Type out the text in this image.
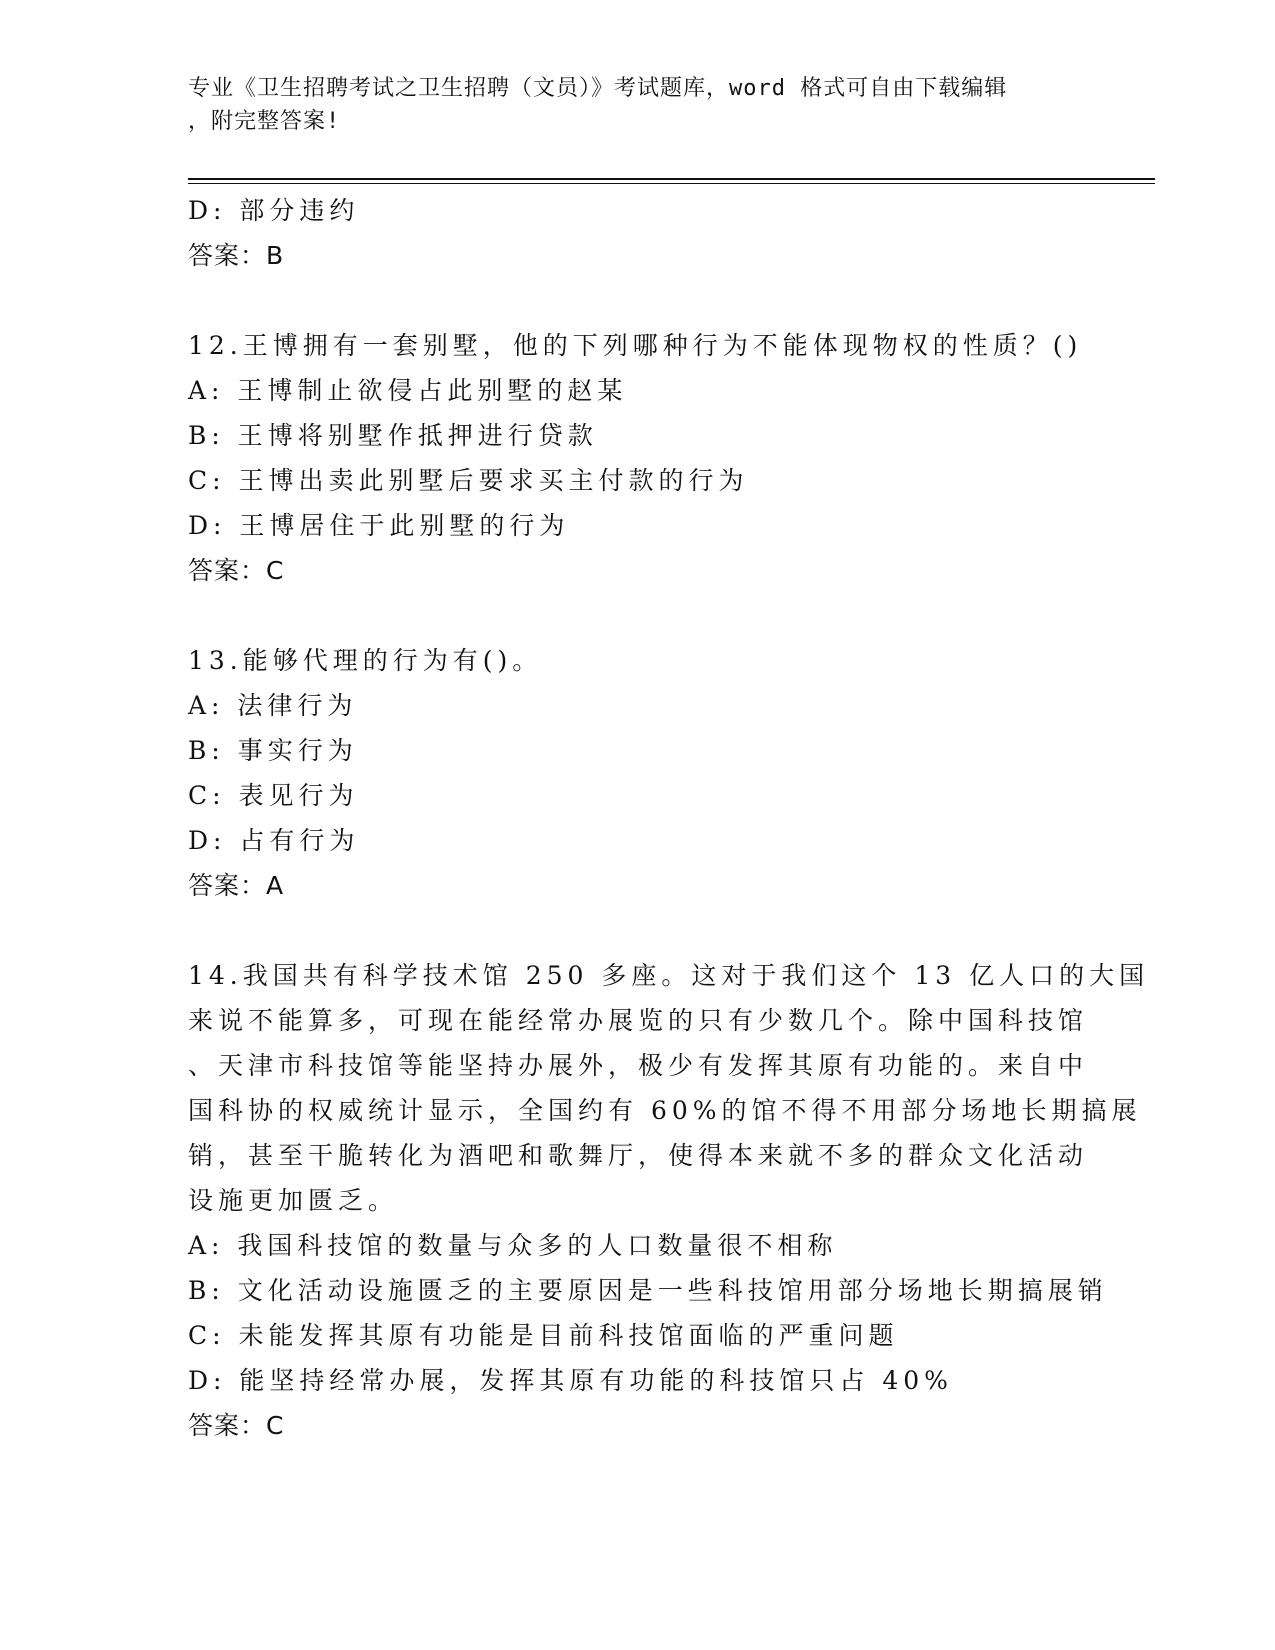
专业《卫生招聘考试之卫生招聘（文员）》考试题库，word 格式可自由下载编辑
，附完整答案!
D: 部分违约
答案：B
12.王博拥有一套别墅，他的下列哪种行为不能体现物权的性质？()
A: 王博制止欲侵占此别墅的赵某
B: 王博将别墅作抵押进行贷款
C: 王博出卖此别墅后要求买主付款的行为
D: 王博居住于此别墅的行为
答案：C
13.能够代理的行为有()。
A: 法律行为
B: 事实行为
C: 表见行为
D: 占有行为
答案：A
14.我国共有科学技术馆 250 多座。这对于我们这个 13 亿人口的大国
来说不能算多，可现在能经常办展览的只有少数几个。除中国科技馆
、天津市科技馆等能坚持办展外，极少有发挥其原有功能的。来自中
国科协的权威统计显示，全国约有 60%的馆不得不用部分场地长期搞展
销，甚至干脆转化为酒吧和歌舞厅，使得本来就不多的群众文化活动
设施更加匮乏。
A: 我国科技馆的数量与众多的人口数量很不相称
B: 文化活动设施匮乏的主要原因是一些科技馆用部分场地长期搞展销
C: 未能发挥其原有功能是目前科技馆面临的严重问题
D: 能坚持经常办展，发挥其原有功能的科技馆只占 40%
答案：C
